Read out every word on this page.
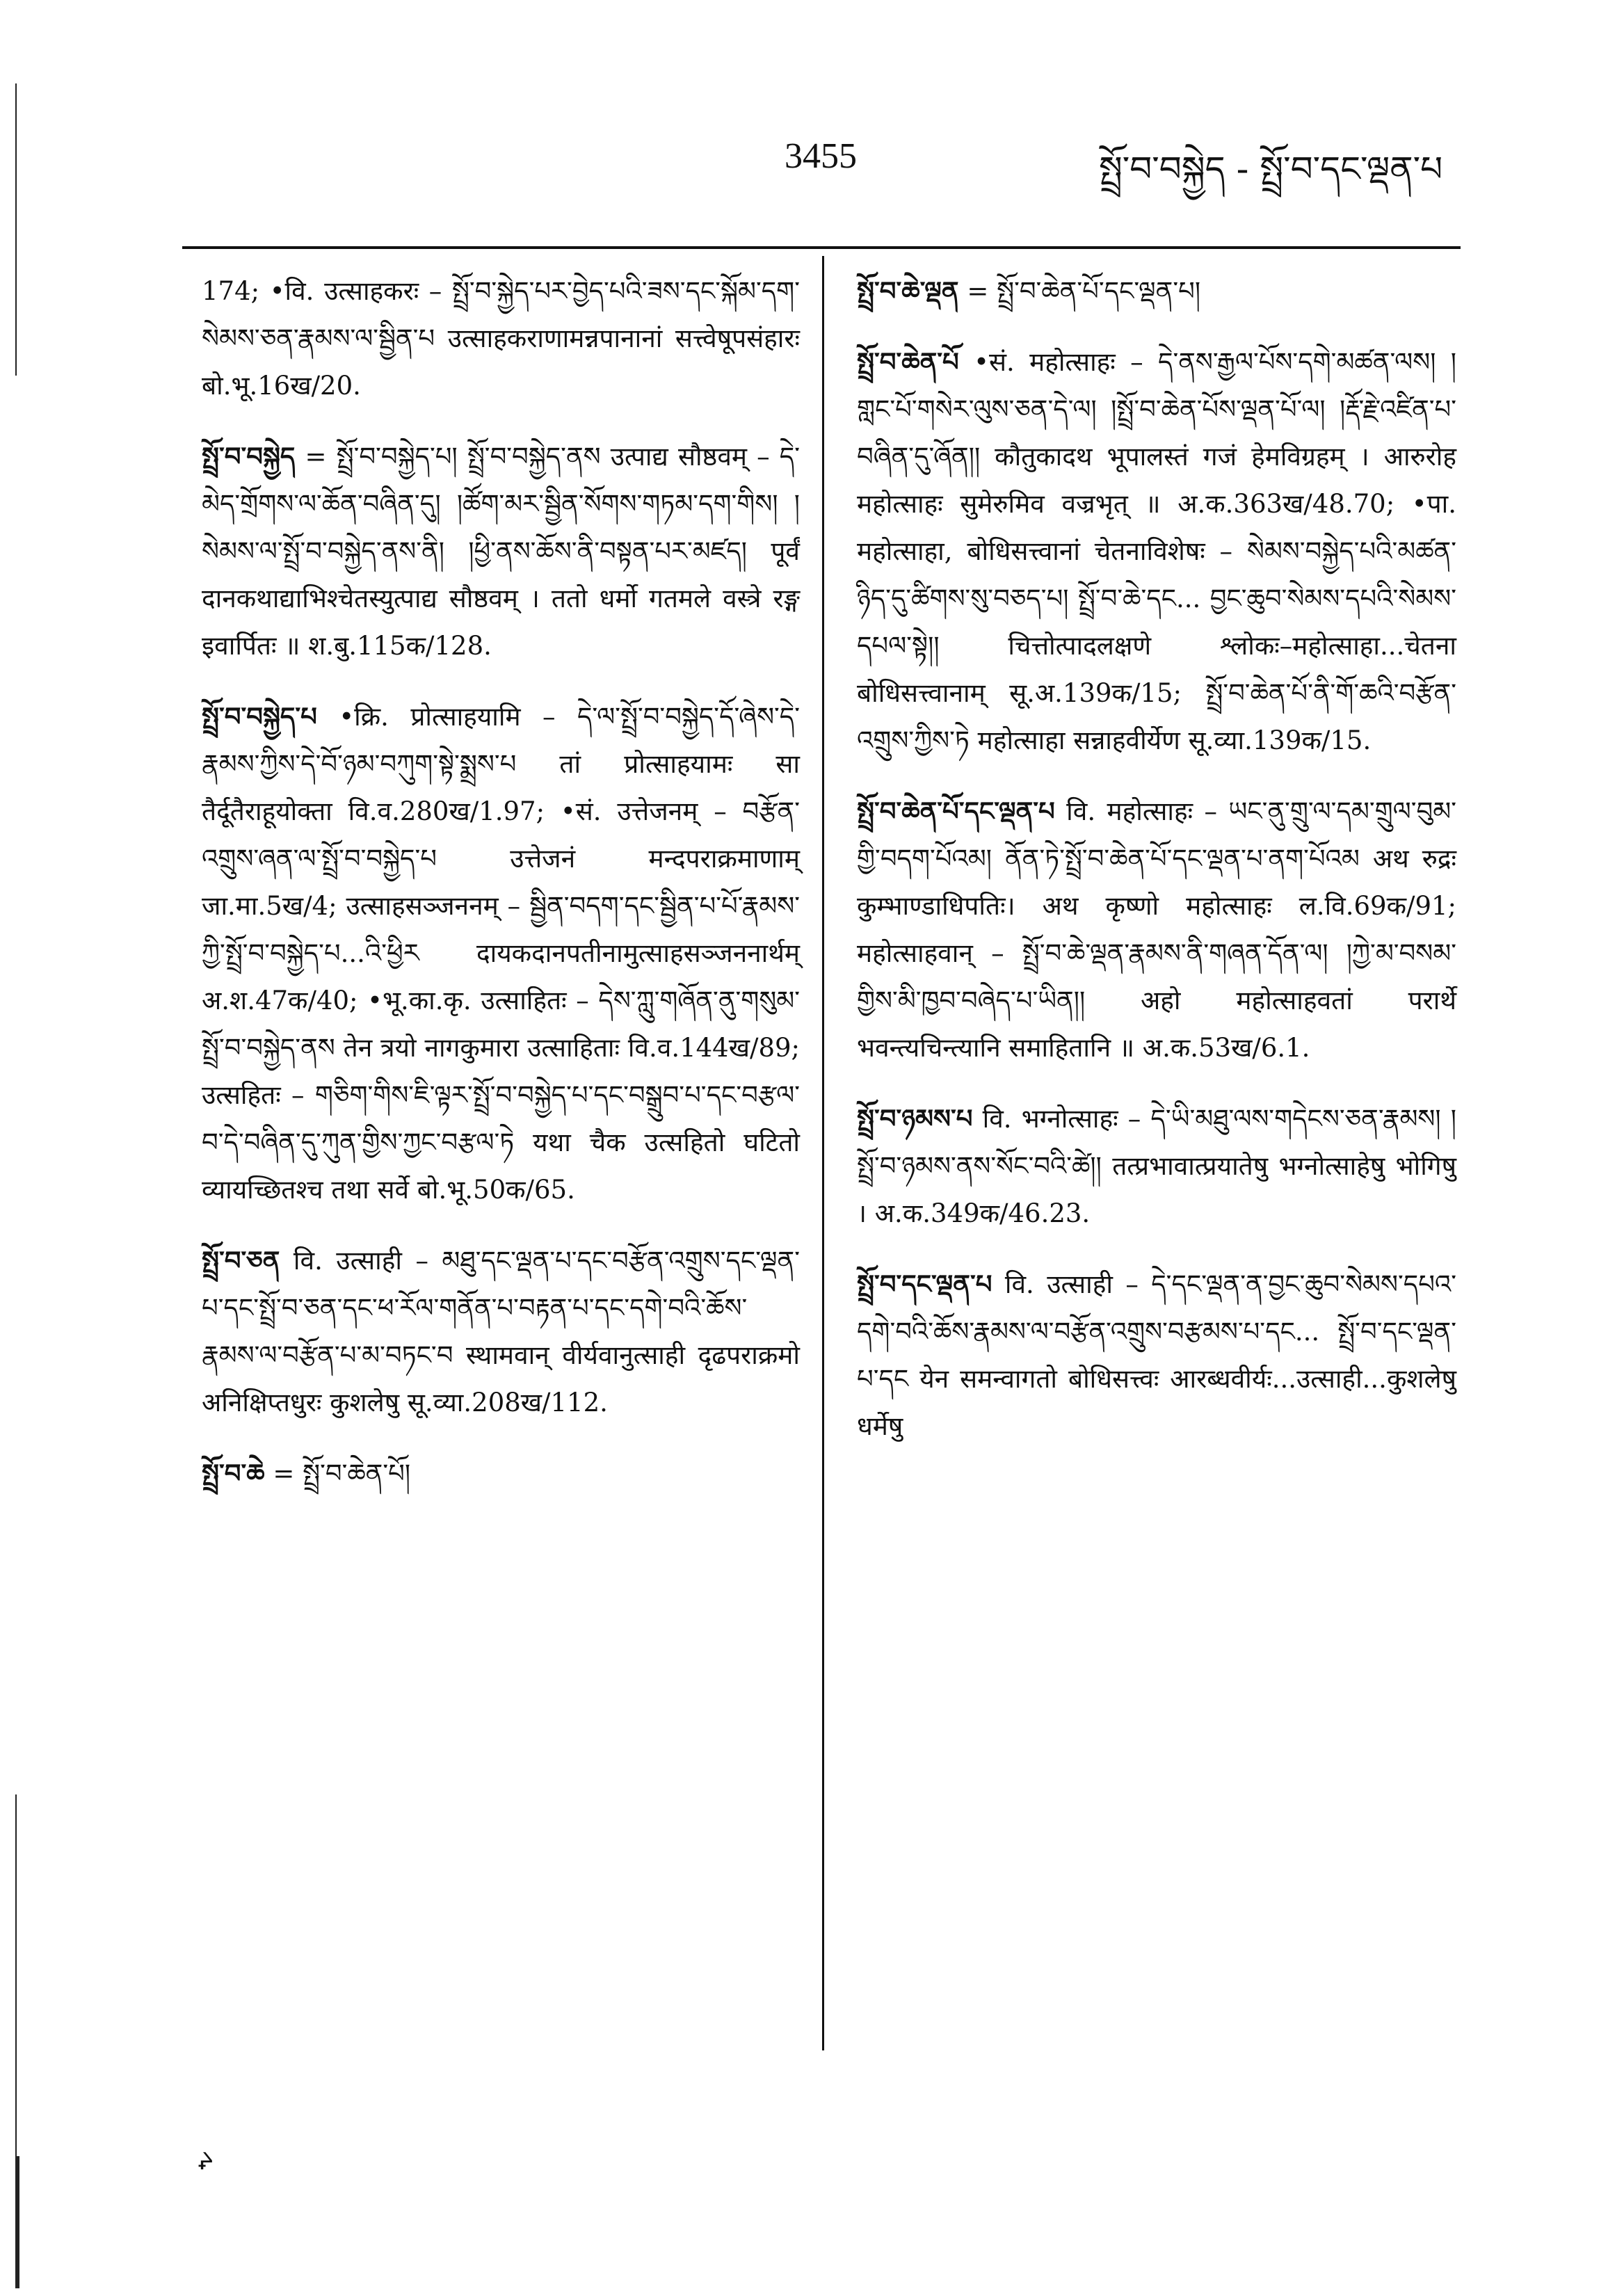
3455	སྤྲོ་བ་བསྐྱེད - སྤྲོ་བ་དང་ལྡན་པ

174; •वि. उत्साहकरः – སྤྲོ་བ་སྐྱེད་པར་བྱེད་པའི་ཟས་དང་སྐོམ་དག་སེམས་ཅན་རྣམས་ལ་སྦྱིན་པ उत्साहकराणामन्नपानानां सत्त्वेषूपसंहारः बो.भू.16ख/20.

སྤྲོ་བ་བསྐྱེད = སྤྲོ་བ་བསྐྱེད་པ། སྤྲོ་བ་བསྐྱེད་ནས उत्पाद्य सौष्ठवम् – དེ་མེད་གྲོགས་ལ་ཆོན་བཞིན་དུ། །ཚོག་མར་སྦྱིན་སོགས་གཏམ་དག་གིས། །སེམས་ལ་སྤྲོ་བ་བསྐྱེད་ནས་ནི། །ཕྱི་ནས་ཆོས་ནི་བསྟན་པར་མཛད། पूर्वं दानकथाद्याभिश्चेतस्युत्पाद्य सौष्ठवम् । ततो धर्मो गतमले वस्त्रे रङ्ग इवार्पितः ॥ श.बु.115क/128.

སྤྲོ་བ་བསྐྱེད་པ •क्रि. प्रोत्साहयामि – དེ་ལ་སྤྲོ་བ་བསྐྱེད་དོ་ཞེས་དེ་རྣམས་ཀྱིས་དེ་བོ་ཉམ་བཀུག་སྟེ་སྨྲས་པ तां प्रोत्साहयामः सा तैर्दूतैराहूयोक्ता वि.व.280ख/1.97; •सं. उत्तेजनम् – བརྩོན་འགྲུས་ཞན་ལ་སྤྲོ་བ་བསྐྱེད་པ उत्तेजनं मन्दपराक्रमाणाम् जा.मा.5ख/4; उत्साहसञ्जननम् – སྦྱིན་བདག་དང་སྦྱིན་པ་པོ་རྣམས་ཀྱི་སྤྲོ་བ་བསྐྱེད་པ...འི་ཕྱིར दायकदानपतीनामुत्साहसञ्जननार्थम् अ.श.47क/40; •भू.का.कृ. उत्साहितः – དེས་ཀླུ་གཞོན་ནུ་གསུམ་སྤྲོ་བ་བསྐྱེད་ནས तेन त्रयो नागकुमारा उत्साहिताः वि.व.144ख/89; उत्सहितः – གཅིག་གིས་ཇི་ལྟར་སྤྲོ་བ་བསྐྱེད་པ་དང་བསྒྲུབ་པ་དང་བརྩལ་བ་དེ་བཞིན་དུ་ཀུན་གྱིས་ཀྱང་བརྩལ་ཏེ यथा चैक उत्सहितो घटितो व्यायच्छितश्च तथा सर्वे बो.भू.50क/65.

སྤྲོ་བ་ཅན वि. उत्साही – མཐུ་དང་ལྡན་པ་དང་བརྩོན་འགྲུས་དང་ལྡན་པ་དང་སྤྲོ་བ་ཅན་དང་ཕ་རོལ་གནོན་པ་བརྟན་པ་དང་དགེ་བའི་ཆོས་རྣམས་ལ་བརྩོན་པ་མ་བཏང་བ स्थामवान् वीर्यवानुत्साही दृढपराक्रमो अनिक्षिप्तधुरः कुशलेषु सू.व्या.208ख/112.

སྤྲོ་བ་ཆེ = སྤྲོ་བ་ཆེན་པོ།

སྤྲོ་བ་ཆེ་ལྡན = སྤྲོ་བ་ཆེན་པོ་དང་ལྡན་པ།

སྤྲོ་བ་ཆེན་པོ •सं. महोत्साहः – དེ་ནས་རྒྱལ་པོས་དགེ་མཚན་ལས། །གླང་པོ་གསེར་ལུས་ཅན་དེ་ལ། །སྤྲོ་བ་ཆེན་པོས་ལྡན་པོ་ལ། །རྡོ་རྗེ་འཛིན་པ་བཞིན་དུ་ཞོན།། कौतुकादथ भूपालस्तं गजं हेमविग्रहम् । आरुरोह महोत्साहः सुमेरुमिव वज्रभृत् ॥ अ.क.363ख/48.70; •पा. महोत्साहा, बोधिसत्त्वानां चेतनाविशेषः – སེམས་བསྐྱེད་པའི་མཚན་ཉིད་དུ་ཚིགས་སུ་བཅད་པ། སྤྲོ་བ་ཆེ་དང... བྱང་ཆུབ་སེམས་དཔའི་སེམས་དཔལ་སྟེ།། चित्तोत्पादलक्षणे श्लोकः–महोत्साहा...चेतना बोधिसत्त्वानाम् सू.अ.139क/15; སྤྲོ་བ་ཆེན་པོ་ནི་གོ་ཆའི་བརྩོན་འགྲུས་ཀྱིས་ཏེ महोत्साहा सन्नाहवीर्येण सू.व्या.139क/15.

སྤྲོ་བ་ཆེན་པོ་དང་ལྡན་པ वि. महोत्साहः – ཡང་ནུ་གྲུ་ལ་དམ་གྲུལ་བུམ་གྱི་བདག་པོའམ། ནོན་ཏེ་སྤྲོ་བ་ཆེན་པོ་དང་ལྡན་པ་ནག་པོའམ अथ रुद्रः कुम्भाण्डाधिपतिः। अथ कृष्णो महोत्साहः ल.वि.69क/91; महोत्साहवान् – སྤྲོ་བ་ཆེ་ལྡན་རྣམས་ནི་གཞན་དོན་ལ། །ཀྱེ་མ་བསམ་གྱིས་མི་ཁྱབ་བཞེད་པ་ཡིན།། अहो महोत्साहवतां परार्थे भवन्त्यचिन्त्यानि समाहितानि ॥ अ.क.53ख/6.1.

སྤྲོ་བ་ཉམས་པ वि. भग्नोत्साहः – དེ་ཡི་མཐུ་ལས་གདེངས་ཅན་རྣམས། །སྤྲོ་བ་ཉམས་ནས་སོང་བའི་ཚེ།། तत्प्रभावात्प्रयातेषु भग्नोत्साहेषु भोगिषु । अ.क.349क/46.23.

སྤྲོ་བ་དང་ལྡན་པ वि. उत्साही – དེ་དང་ལྡན་ན་བྱང་ཆུབ་སེམས་དཔའ་དགེ་བའི་ཆོས་རྣམས་ལ་བརྩོན་འགྲུས་བརྩམས་པ་དང... སྤྲོ་བ་དང་ལྡན་པ་དང येन समन्वागतो बोधिसत्त्वः आरब्धवीर्यः...उत्साही...कुशलेषु धर्मेषु

ᖨ
